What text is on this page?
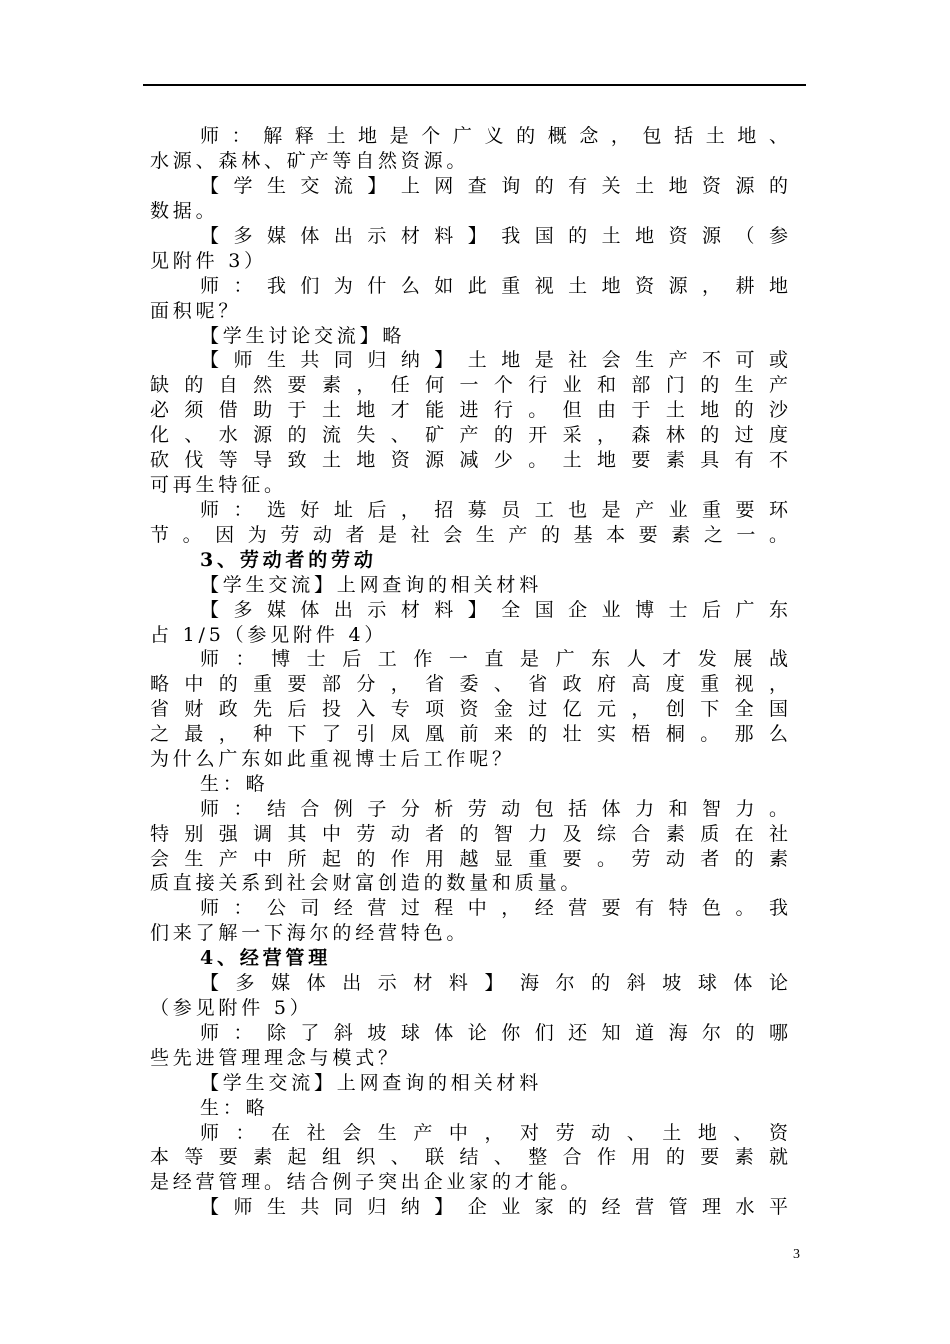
师：解释土地是个广义的概念，包括土地、
水源、森林、矿产等自然资源。
【学生交流】上网查询的有关土地资源的
数据。
【多媒体出示材料】我国的土地资源（参
见附件 3）
师：我们为什么如此重视土地资源，耕地
面积呢？
【学生讨论交流】略
【师生共同归纳】土地是社会生产不可或
缺的自然要素，任何一个行业和部门的生产
必须借助于土地才能进行。但由于土地的沙
化、水源的流失、矿产的开采，森林的过度
砍伐等导致土地资源减少。土地要素具有不
可再生特征。
师：选好址后，招募员工也是产业重要环
节。因为劳动者是社会生产的基本要素之一。
3、劳动者的劳动
【学生交流】上网查询的相关材料
【多媒体出示材料】全国企业博士后广东
占 1/5（参见附件 4）
师：博士后工作一直是广东人才发展战
略中的重要部分，省委、省政府高度重视，
省财政先后投入专项资金过亿元，创下全国
之最，种下了引凤凰前来的壮实梧桐。那么
为什么广东如此重视博士后工作呢？
生：略
师：结合例子分析劳动包括体力和智力。
特别强调其中劳动者的智力及综合素质在社
会生产中所起的作用越显重要。劳动者的素
质直接关系到社会财富创造的数量和质量。
师：公司经营过程中，经营要有特色。我
们来了解一下海尔的经营特色。
4、经营管理
【多媒体出示材料】海尔的斜坡球体论
（参见附件 5）
师：除了斜坡球体论你们还知道海尔的哪
些先进管理理念与模式？
【学生交流】上网查询的相关材料
生：略
师：在社会生产中，对劳动、土地、资
本等要素起组织、联结、整合作用的要素就
是经营管理。结合例子突出企业家的才能。
【师生共同归纳】企业家的经营管理水平
3
